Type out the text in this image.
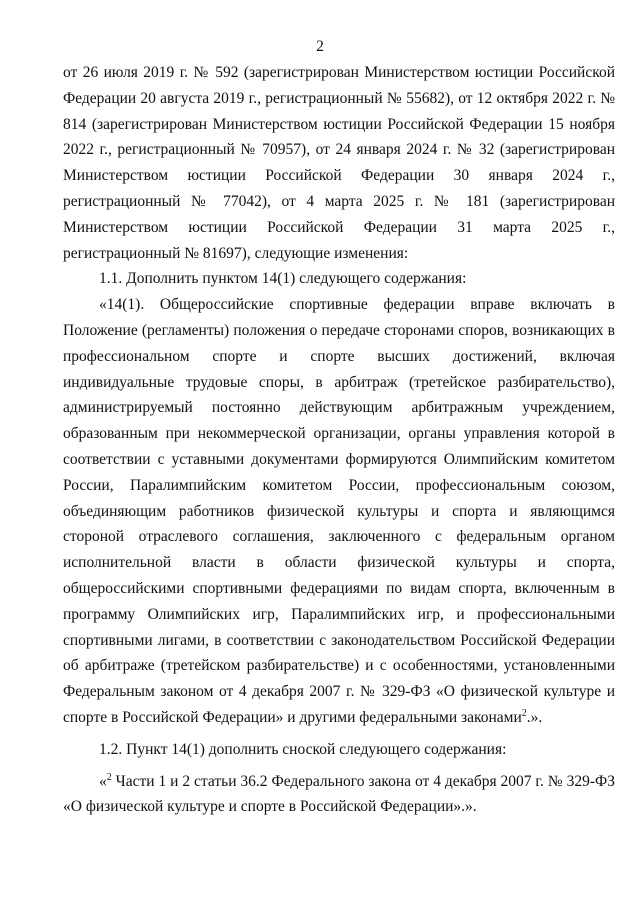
2

от 26 июля 2019 г. № 592 (зарегистрирован Министерством юстиции Российской Федерации 20 августа 2019 г., регистрационный № 55682), от 12 октября 2022 г. № 814 (зарегистрирован Министерством юстиции Российской Федерации 15 ноября 2022 г., регистрационный № 70957), от 24 января 2024 г. № 32 (зарегистрирован Министерством юстиции Российской Федерации 30 января 2024 г., регистрационный № 77042), от 4 марта 2025 г. № 181 (зарегистрирован Министерством юстиции Российской Федерации 31 марта 2025 г., регистрационный № 81697), следующие изменения:

1.1. Дополнить пунктом 14(1) следующего содержания:

«14(1). Общероссийские спортивные федерации вправе включать в Положение (регламенты) положения о передаче сторонами споров, возникающих в профессиональном спорте и спорте высших достижений, включая индивидуальные трудовые споры, в арбитраж (третейское разбирательство), администрируемый постоянно действующим арбитражным учреждением, образованным при некоммерческой организации, органы управления которой в соответствии с уставными документами формируются Олимпийским комитетом России, Паралимпийским комитетом России, профессиональным союзом, объединяющим работников физической культуры и спорта и являющимся стороной отраслевого соглашения, заключенного с федеральным органом исполнительной власти в области физической культуры и спорта, общероссийскими спортивными федерациями по видам спорта, включенным в программу Олимпийских игр, Паралимпийских игр, и профессиональными спортивными лигами, в соответствии с законодательством Российской Федерации об арбитраже (третейском разбирательстве) и с особенностями, установленными Федеральным законом от 4 декабря 2007 г. № 329-ФЗ «О физической культуре и спорте в Российской Федерации» и другими федеральными законами$^2$.».

1.2. Пункт 14(1) дополнить сноской следующего содержания:

«$^2$ Части 1 и 2 статьи 36.2 Федерального закона от 4 декабря 2007 г. № 329-ФЗ «О физической культуре и спорте в Российской Федерации».».
